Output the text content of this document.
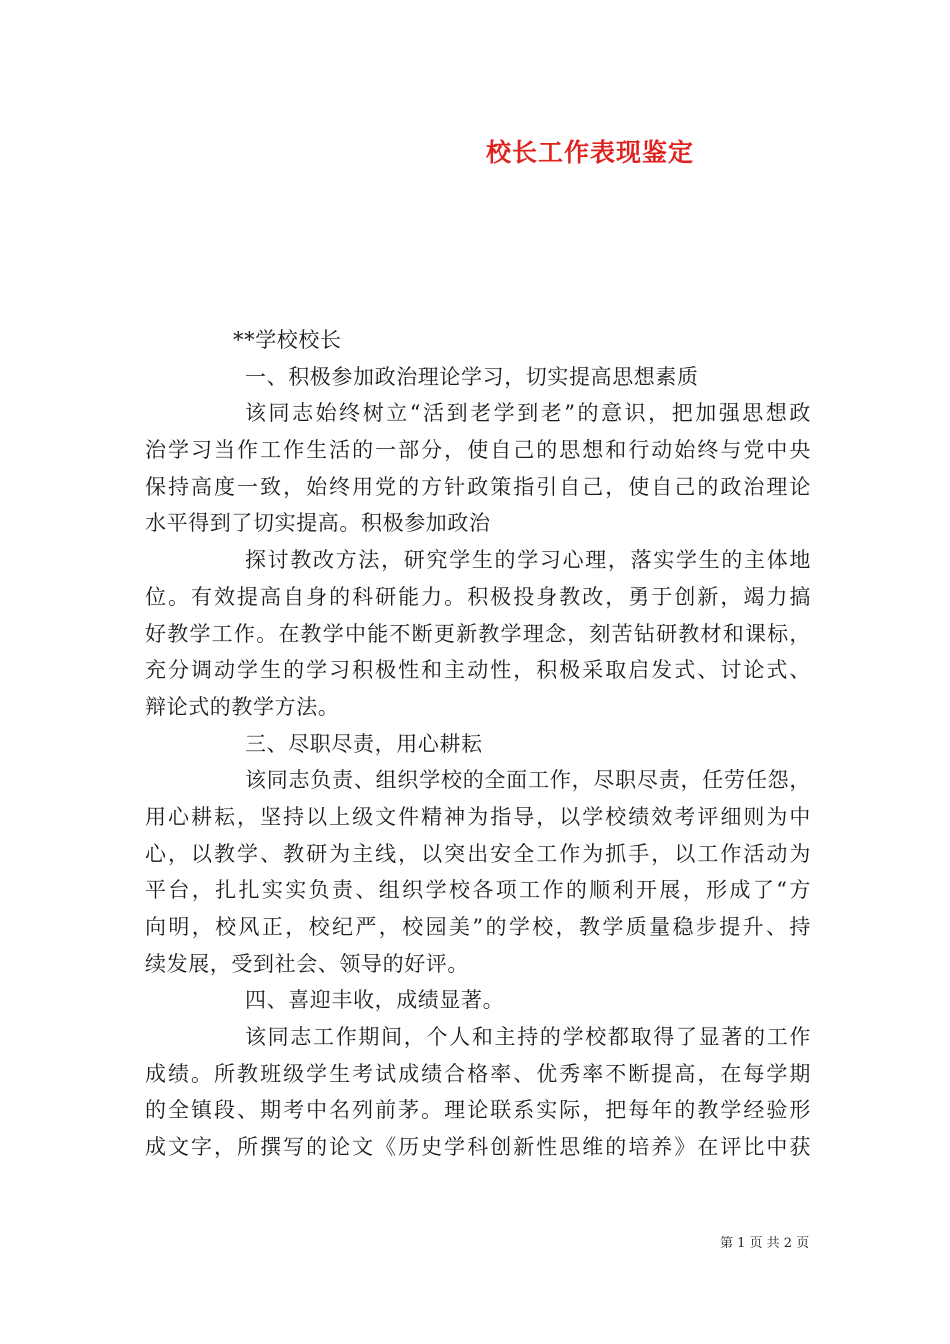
校长工作表现鉴定
**学校校长
一、积极参加政治理论学习，切实提高思想素质
该同志始终树立“活到老学到老”的意识，把加强思想政
治学习当作工作生活的一部分，使自己的思想和行动始终与党中央
保持高度一致，始终用党的方针政策指引自己，使自己的政治理论
水平得到了切实提高。积极参加政治
探讨教改方法，研究学生的学习心理，落实学生的主体地
位。有效提高自身的科研能力。积极投身教改，勇于创新，竭力搞
好教学工作。在教学中能不断更新教学理念，刻苦钻研教材和课标，
充分调动学生的学习积极性和主动性，积极采取启发式、讨论式、
辩论式的教学方法。
三、尽职尽责，用心耕耘
该同志负责、组织学校的全面工作，尽职尽责，任劳任怨，
用心耕耘，坚持以上级文件精神为指导，以学校绩效考评细则为中
心，以教学、教研为主线，以突出安全工作为抓手，以工作活动为
平台，扎扎实实负责、组织学校各项工作的顺利开展，形成了“方
向明，校风正，校纪严，校园美”的学校，教学质量稳步提升、持
续发展，受到社会、领导的好评。
四、喜迎丰收，成绩显著。
该同志工作期间，个人和主持的学校都取得了显著的工作
成绩。所教班级学生考试成绩合格率、优秀率不断提高，在每学期
的全镇段、期考中名列前茅。理论联系实际，把每年的教学经验形
成文字，所撰写的论文《历史学科创新性思维的培养》在评比中获
第 1 页 共 2 页
